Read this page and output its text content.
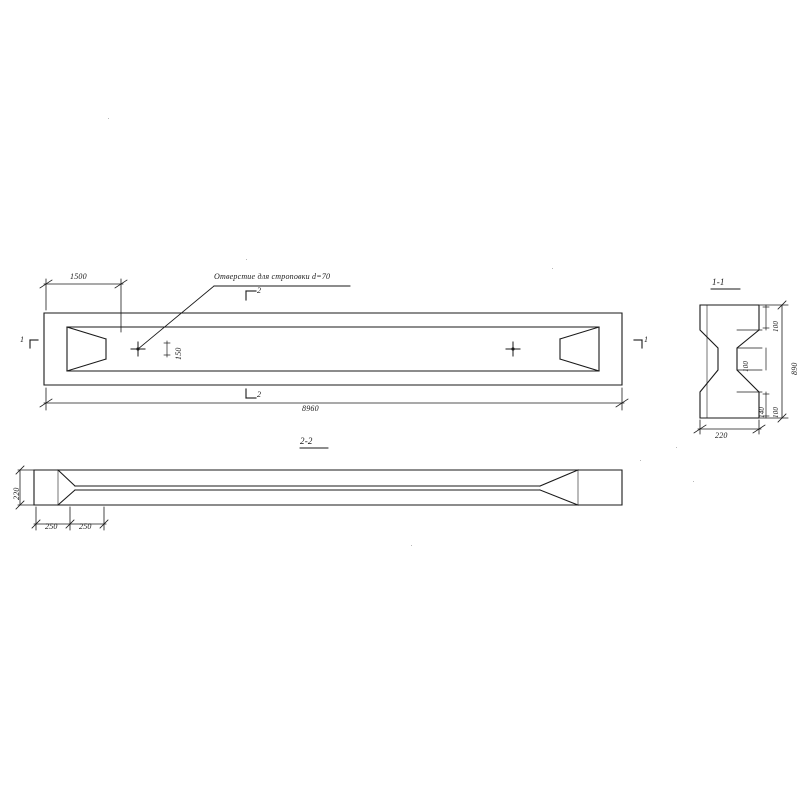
Отверстие для строповки d=70
1500
8960
150
1	1
2
2
1-1
2-2
100
100
100
140
890
220
220
250	250
